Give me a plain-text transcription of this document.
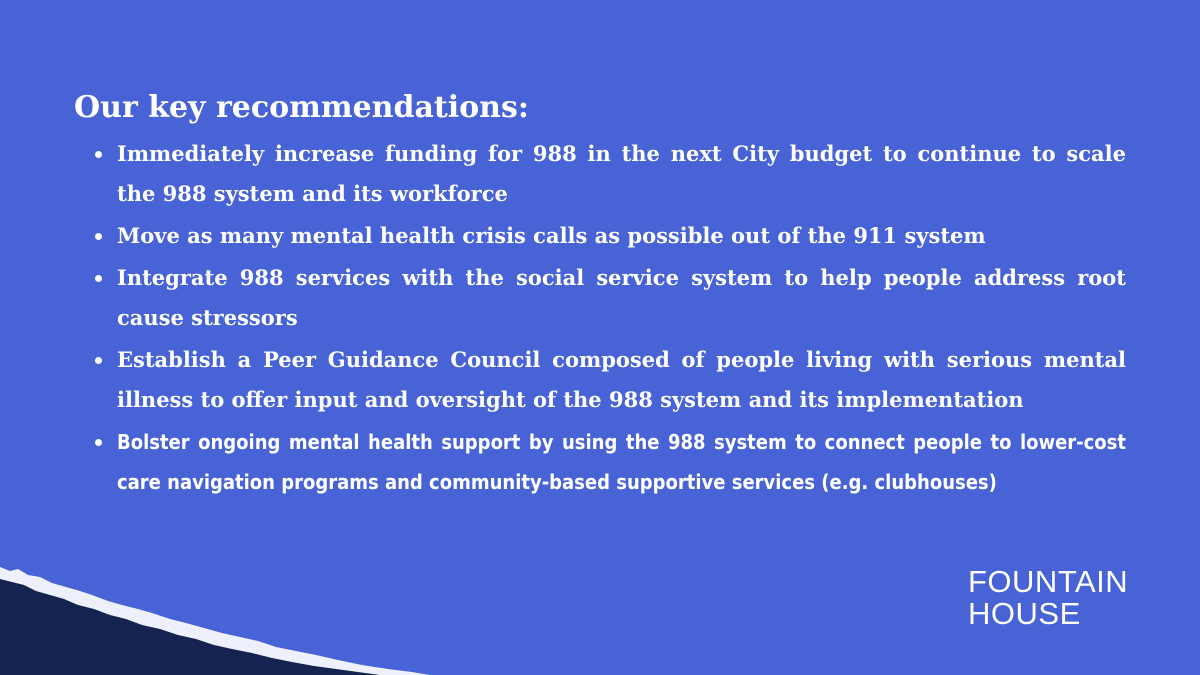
Our key recommendations:
Immediately increase funding for 988 in the next City budget to continue to scale the 988 system and its workforce
Move as many mental health crisis calls as possible out of the 911 system
Integrate 988 services with the social service system to help people address root cause stressors
Establish a Peer Guidance Council composed of people living with serious mental illness to offer input and oversight of the 988 system and its implementation
Bolster ongoing mental health support by using the 988 system to connect people to lower-cost care navigation programs and community-based supportive services (e.g. clubhouses)
FOUNTAIN
HOUSE
